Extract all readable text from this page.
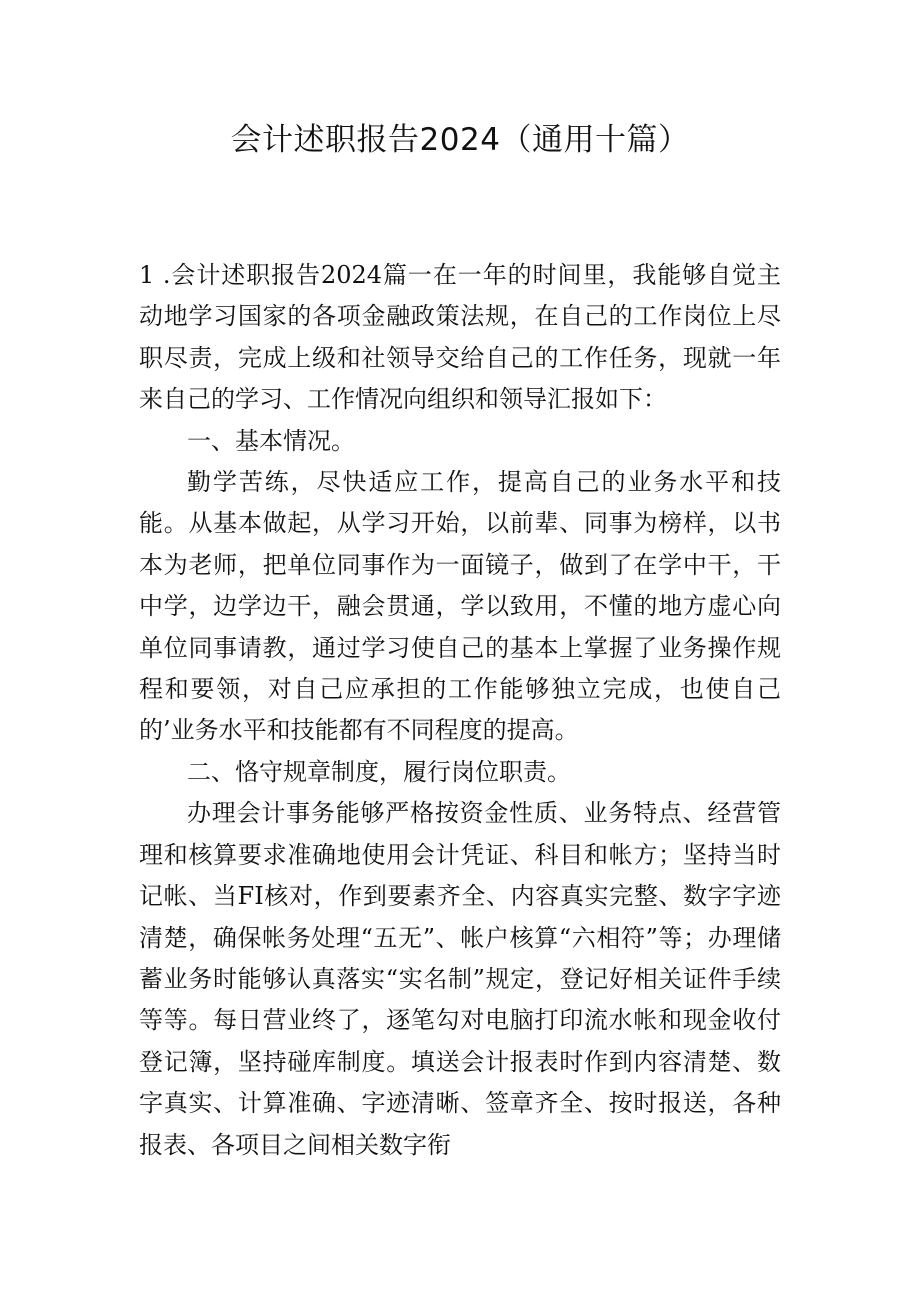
会计述职报告2024（通用十篇）

1 .会计述职报告2024篇一在一年的时间里，我能够自觉主动地学习国家的各项金融政策法规，在自己的工作岗位上尽职尽责，完成上级和社领导交给自己的工作任务，现就一年来自己的学习、工作情况向组织和领导汇报如下：

一、基本情况。

勤学苦练，尽快适应工作，提高自己的业务水平和技能。从基本做起，从学习开始，以前辈、同事为榜样，以书本为老师，把单位同事作为一面镜子，做到了在学中干，干中学，边学边干，融会贯通，学以致用，不懂的地方虚心向单位同事请教，通过学习使自己的基本上掌握了业务操作规程和要领，对自己应承担的工作能够独立完成，也使自己的’业务水平和技能都有不同程度的提高。

二、恪守规章制度，履行岗位职责。

办理会计事务能够严格按资金性质、业务特点、经营管理和核算要求准确地使用会计凭证、科目和帐方；坚持当时记帐、当FI核对，作到要素齐全、内容真实完整、数字字迹清楚，确保帐务处理“五无”、帐户核算“六相符”等；办理储蓄业务时能够认真落实“实名制”规定，登记好相关证件手续等等。每日营业终了，逐笔勾对电脑打印流水帐和现金收付登记簿，坚持碰库制度。填送会计报表时作到内容清楚、数字真实、计算准确、字迹清晰、签章齐全、按时报送，各种报表、各项目之间相关数字衔
